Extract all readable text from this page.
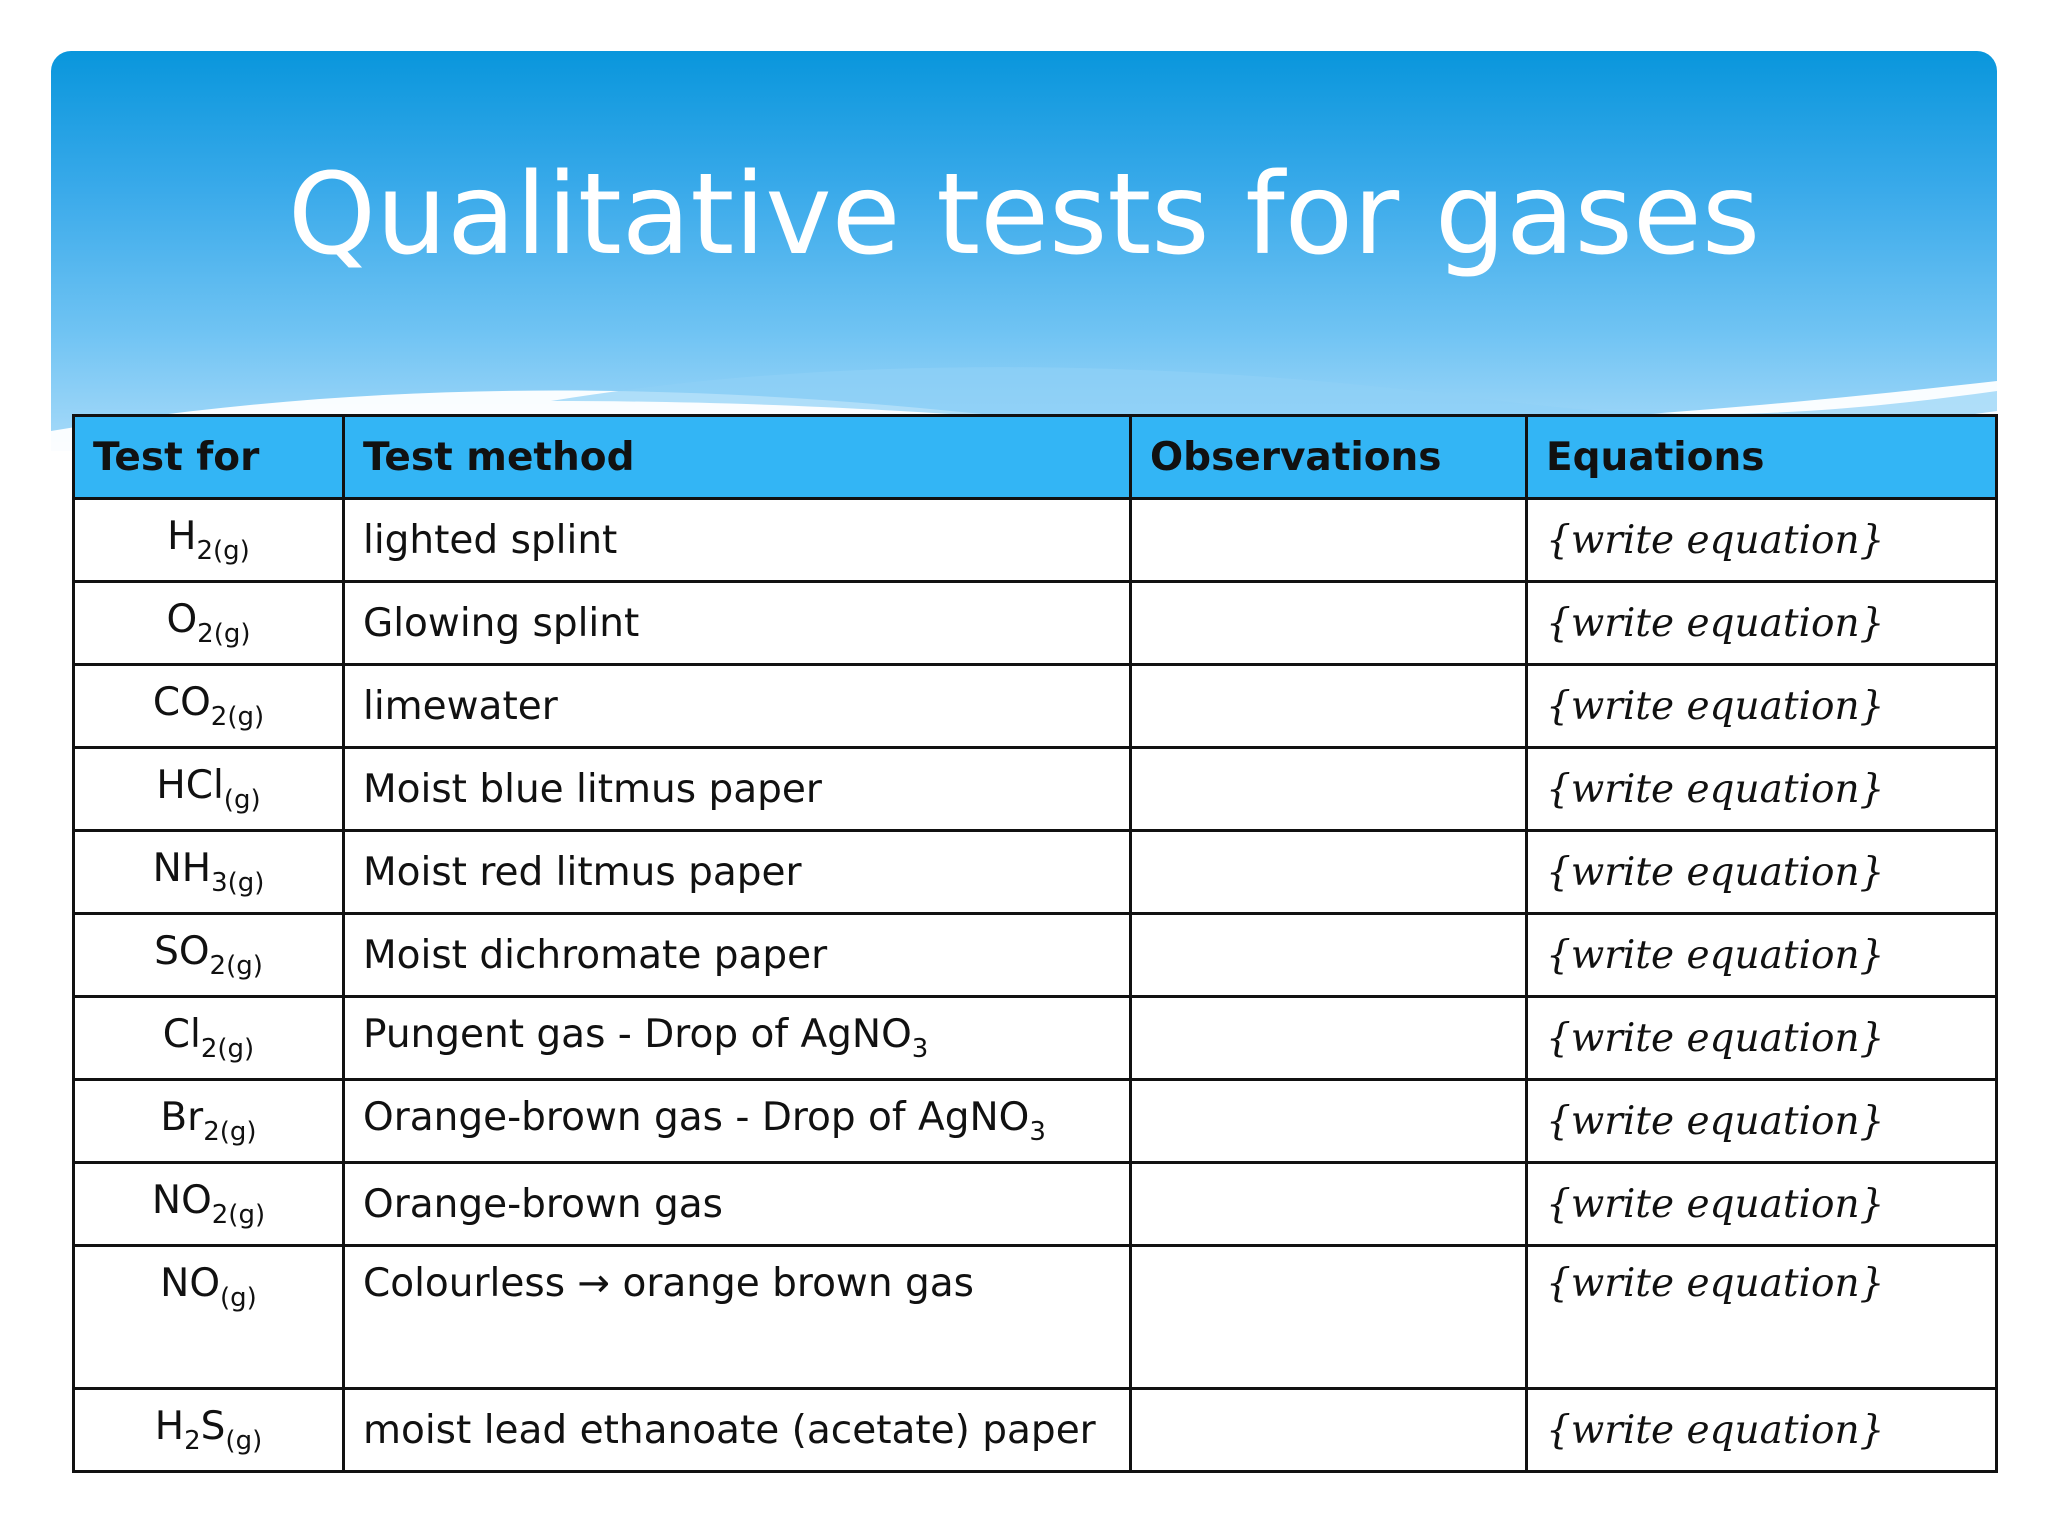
Qualitative tests for gases
Test for	Test method	Observations	Equations
$H_{2(g)}$	lighted splint		{write equation}
$O_{2(g)}$	Glowing splint		{write equation}
$CO_{2(g)}$	limewater		{write equation}
HCl$_{(g)}$	Moist blue litmus paper		{write equation}
$NH_{3(g)}$	Moist red litmus paper		{write equation}
$SO_{2(g)}$	Moist dichromate paper		{write equation}
$Cl_{2(g)}$	Pungent gas - Drop of AgNO$_3$		{write equation}
$Br_{2(g)}$	Orange-brown gas - Drop of AgNO$_3$		{write equation}
$NO_{2(g)}$	Orange-brown gas		{write equation}
$NO_{(g)}$	Colourless → orange brown gas		{write equation}
$H_2S_{(g)}$	moist lead ethanoate (acetate) paper		{write equation}
